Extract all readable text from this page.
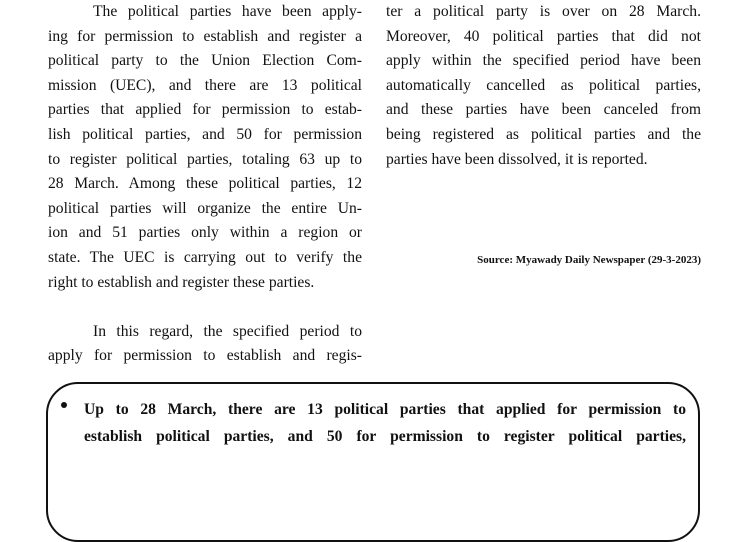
The political parties have been apply-
ing for permission to establish and register a
political party to the Union Election Com-
mission (UEC), and there are 13 political
parties that applied for permission to estab-
lish political parties, and 50 for permission
to register political parties, totaling 63 up to
28 March. Among these political parties, 12
political parties will organize the entire Un-
ion and 51 parties only within a region or
state. The UEC is carrying out to verify the
right to establish and register these parties.
In this regard, the specified period to
apply for permission to establish and regis-
ter a political party is over on 28 March.
Moreover, 40 political parties that did not
apply within the specified period have been
automatically cancelled as political parties,
and these parties have been canceled from
being registered as political parties and the
parties have been dissolved, it is reported.
Source: Myawady Daily Newspaper (29-3-2023)
Up to 28 March, there are 13 political parties that applied for permission to
establish political parties, and 50 for permission to register political parties,
